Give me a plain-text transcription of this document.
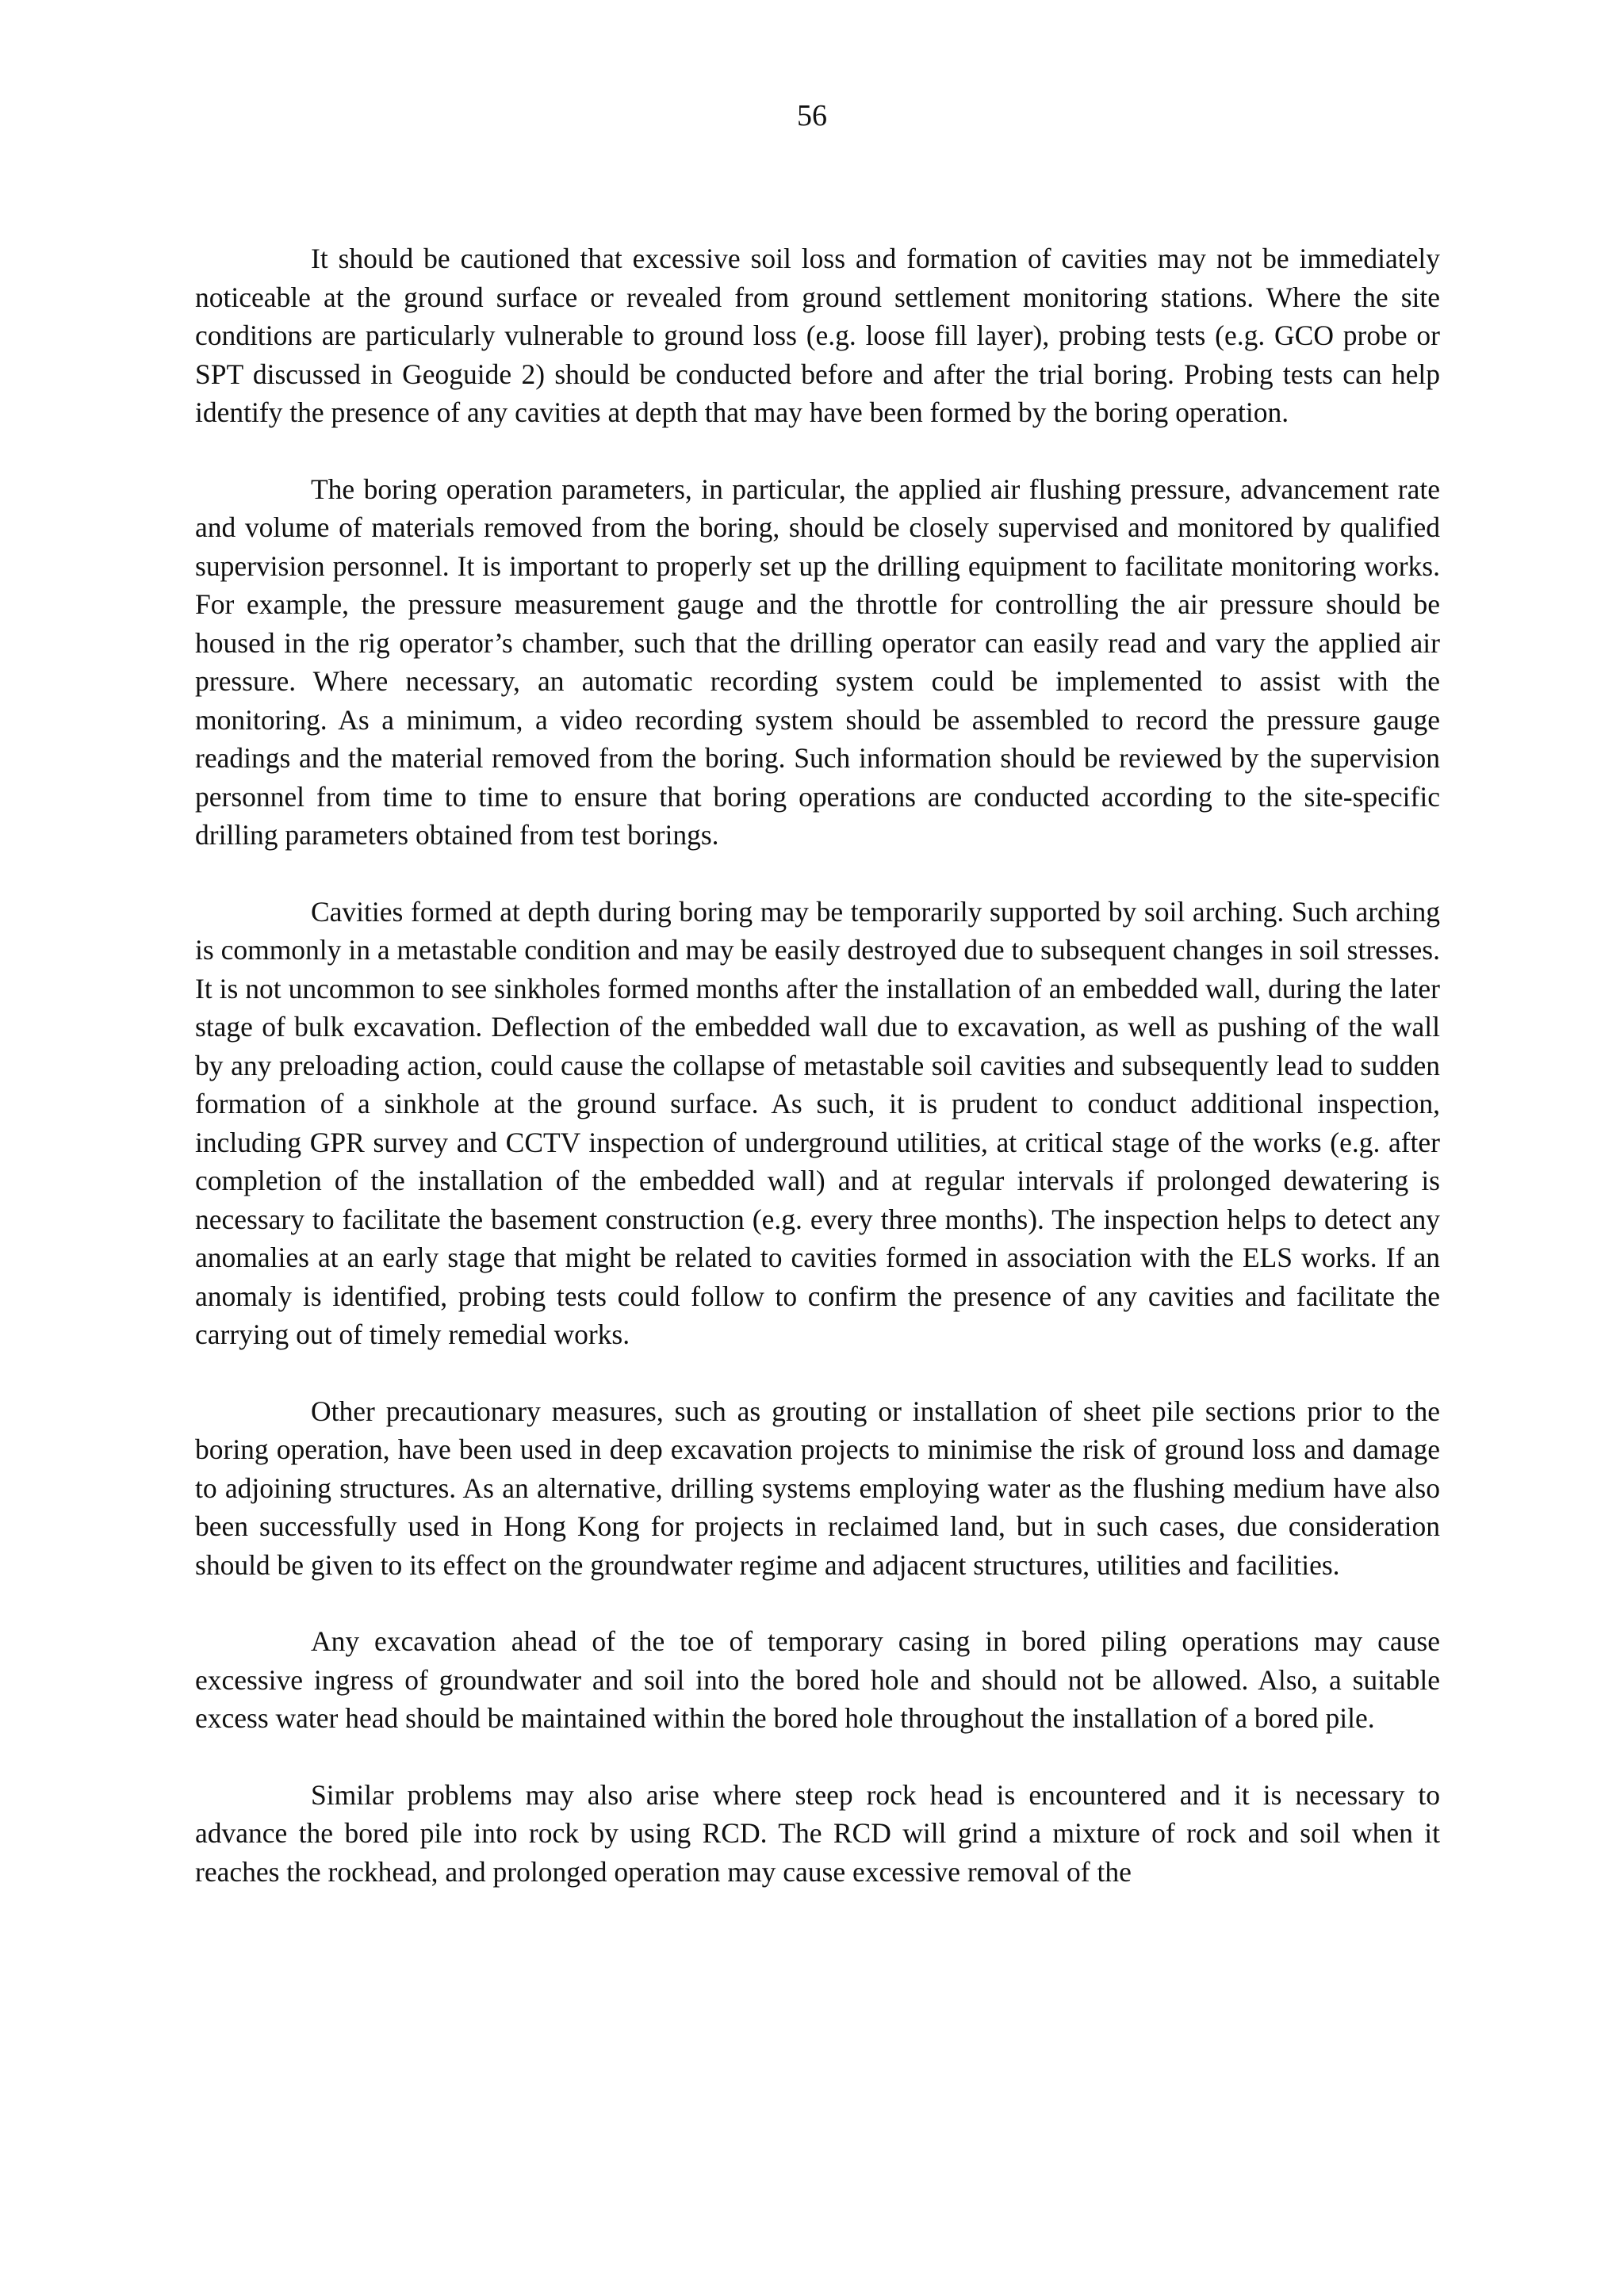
56

It should be cautioned that excessive soil loss and formation of cavities may not be immediately noticeable at the ground surface or revealed from ground settlement monitoring stations. Where the site conditions are particularly vulnerable to ground loss (e.g. loose fill layer), probing tests (e.g. GCO probe or SPT discussed in Geoguide 2) should be conducted before and after the trial boring. Probing tests can help identify the presence of any cavities at depth that may have been formed by the boring operation.

The boring operation parameters, in particular, the applied air flushing pressure, advancement rate and volume of materials removed from the boring, should be closely supervised and monitored by qualified supervision personnel. It is important to properly set up the drilling equipment to facilitate monitoring works. For example, the pressure measurement gauge and the throttle for controlling the air pressure should be housed in the rig operator’s chamber, such that the drilling operator can easily read and vary the applied air pressure. Where necessary, an automatic recording system could be implemented to assist with the monitoring. As a minimum, a video recording system should be assembled to record the pressure gauge readings and the material removed from the boring. Such information should be reviewed by the supervision personnel from time to time to ensure that boring operations are conducted according to the site-specific drilling parameters obtained from test borings.

Cavities formed at depth during boring may be temporarily supported by soil arching. Such arching is commonly in a metastable condition and may be easily destroyed due to subsequent changes in soil stresses. It is not uncommon to see sinkholes formed months after the installation of an embedded wall, during the later stage of bulk excavation. Deflection of the embedded wall due to excavation, as well as pushing of the wall by any preloading action, could cause the collapse of metastable soil cavities and subsequently lead to sudden formation of a sinkhole at the ground surface. As such, it is prudent to conduct additional inspection, including GPR survey and CCTV inspection of underground utilities, at critical stage of the works (e.g. after completion of the installation of the embedded wall) and at regular intervals if prolonged dewatering is necessary to facilitate the basement construction (e.g. every three months). The inspection helps to detect any anomalies at an early stage that might be related to cavities formed in association with the ELS works. If an anomaly is identified, probing tests could follow to confirm the presence of any cavities and facilitate the carrying out of timely remedial works.

Other precautionary measures, such as grouting or installation of sheet pile sections prior to the boring operation, have been used in deep excavation projects to minimise the risk of ground loss and damage to adjoining structures. As an alternative, drilling systems employing water as the flushing medium have also been successfully used in Hong Kong for projects in reclaimed land, but in such cases, due consideration should be given to its effect on the groundwater regime and adjacent structures, utilities and facilities.

Any excavation ahead of the toe of temporary casing in bored piling operations may cause excessive ingress of groundwater and soil into the bored hole and should not be allowed. Also, a suitable excess water head should be maintained within the bored hole throughout the installation of a bored pile.

Similar problems may also arise where steep rock head is encountered and it is necessary to advance the bored pile into rock by using RCD. The RCD will grind a mixture of rock and soil when it reaches the rockhead, and prolonged operation may cause excessive removal of the
